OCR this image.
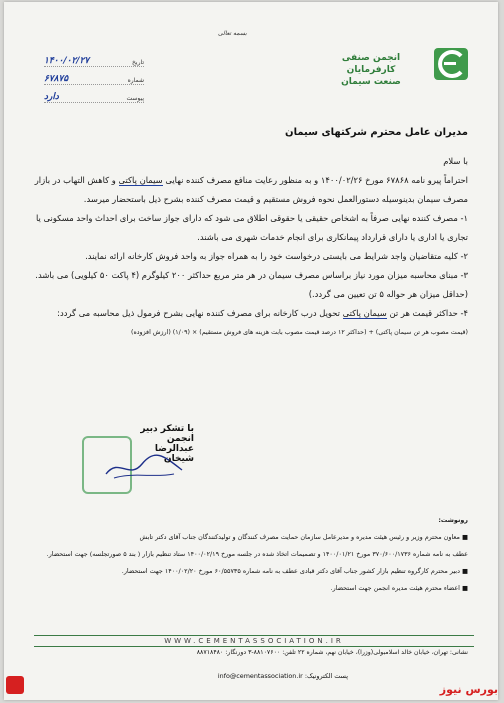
بسمه تعالی
انجمن صنفی
کارفرمایان
صنعت سیمان
۱۴۰۰/۰۲/۲۷	تاریخ
۶۷۸۷۵	شماره
دارد	پیوست
مدیران عامل محترم شرکتهای سیمان

با سلام

احتراماً پیرو نامه ۶۷۸۶۸ مورخ ۱۴۰۰/۰۲/۲۶ و به منظور رعایت منافع مصرف کننده نهایی سیمان پاکتی و کاهش التهاب در بازار مصرف سیمان بدینوسیله دستورالعمل نحوه فروش مستقیم و قیمت مصرف کننده بشرح ذیل باستحضار میرسد.

۱- مصرف کننده نهایی صرفاً به اشخاص حقیقی یا حقوقی اطلاق می شود که دارای جواز ساخت برای احداث واحد مسکونی یا تجاری یا اداری یا دارای قرارداد پیمانکاری برای انجام خدمات شهری می باشند.

۲- کلیه متقاضیان واجد شرایط می بایستی درخواست خود را به همراه جواز به واحد فروش کارخانه ارائه نمایند.

۳- مبنای محاسبه میزان مورد نیاز براساس مصرف سیمان در هر متر مربع حداکثر ۲۰۰ کیلوگرم (۴ پاکت ۵۰ کیلویی) می باشد. (حداقل میزان هر حواله ۵ تن تعیین می گردد.)

۴- حداکثر قیمت هر تن سیمان پاکتی تحویل درب کارخانه برای مصرف کننده نهایی بشرح فرمول ذیل محاسبه می گردد:

(قیمت مصوب هر تن سیمان پاکتی) + (حداکثر ۱۲ درصد قیمت مصوب بابت هزینه های فروش مستقیم) × (۱/۰۹) (ارزش افزوده)

با تشکر دبیر انجمن
عبدالرضا شیخان
رونوشت:
■ معاون محترم وزیر و رئیس هیئت مدیره و مدیرعامل سازمان حمایت مصرف کنندگان و تولیدکنندگان جناب آقای دکتر تابش
عطف به نامه شماره ۳۷۰/۶۰۰/۱۷۳۶ مورخ ۱۴۰۰/۰۱/۲۱ و تصمیمات اتخاذ شده در جلسه مورخ ۱۴۰۰/۰۲/۱۹ ستاد تنظیم بازار ( بند ۵ صورتجلسه) جهت استحضار.
■ دبیر محترم کارگروه تنظیم بازار کشور جناب آقای دکتر قبادی عطف به نامه شماره ۶۰/۵۵۷۳۵ مورخ ۱۴۰۰/۰۲/۲۰ جهت استحضار.
■ اعضاء محترم هیئت مدیره انجمن جهت استحضار.
WWW.CEMENTASSOCIATION.IR
نشانی: تهران، خیابان خالد اسلامبولی(وزرا)، خیابان نهم، شماره ۲۲ تلفن: ۸۸۱۰۷۶۰۰-۳ دورنگار: ۸۸۷۱۸۴۸۰
پست الکترونیک: info@cementassociation.ir
بورس نیوز
